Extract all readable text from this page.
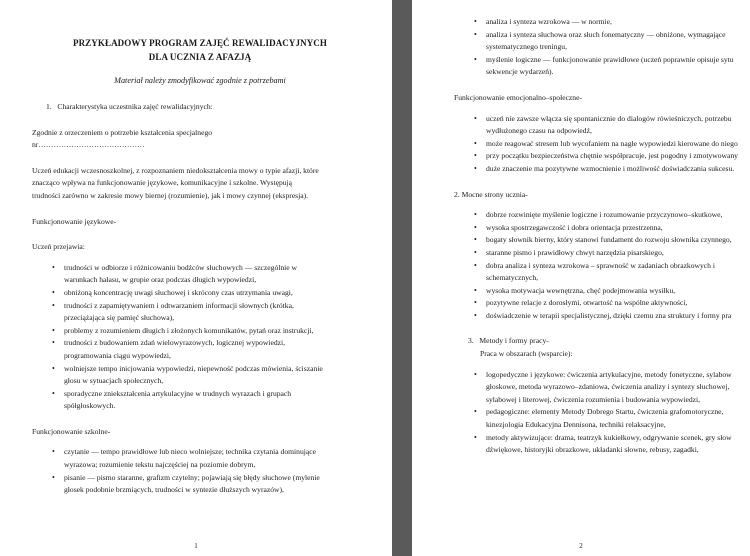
PRZYKŁADOWY PROGRAM ZAJĘĆ REWALIDACYJNYCH
DLA UCZNIA Z AFAZJĄ
Materiał należy zmodyfikować zgodnie z potrzebami

1.   Charakterystyka uczestnika zajęć rewalidacyjnych:

Zgodnie z orzeczeniem o potrzebie kształcenia specjalnego

nr……………………………………

Uczeń edukacji wczesnoszkolnej, z rozpoznaniem niedokształcenia mowy o typie afazji, które

znacząco wpływa na funkcjonowanie językowe, komunikacyjne i szkolne. Występują

trudności zarówno w zakresie mowy biernej (rozumienie), jak i mowy czynnej (ekspresja).

Funkcjonowanie językowe-

Uczeń przejawia:

• trudności w odbiorze i różnicowaniu bodźców słuchowych — szczególnie w
warunkach hałasu, w grupie oraz podczas długich wypowiedzi,
• obniżoną koncentrację uwagi słuchowej i skrócony czas utrzymania uwagi,
• trudności z zapamiętywaniem i odtwarzaniem informacji słownych (krótka,
przeciążająca się pamięć słuchowa),
• problemy z rozumieniem długich i złożonych komunikatów, pytań oraz instrukcji,
• trudności z budowaniem zdań wielowyrazowych, logicznej wypowiedzi,
programowania ciągu wypowiedzi,
• wolniejsze tempo inicjowania wypowiedzi, niepewność podczas mówienia, ściszanie
głosu w sytuacjach społecznych,
• sporadyczne zniekształcenia artykulacyjne w trudnych wyrazach i grupach
spółgłoskowych.

Funkcjonowanie szkolne-

• czytanie — tempo prawidłowe lub nieco wolniejsze; technika czytania dominujące
wyrazowa; rozumienie tekstu najczęściej na poziomie dobrym,
• pisanie — pismo staranne, grafizm czytelny; pojawiają się błędy słuchowe (mylenie
głosek podobnie brzmiących, trudności w syntezie dłuższych wyrazów),
1
• analiza i synteza wzrokowa — w normie,
• analiza i synteza słuchowa oraz słuch fonematyczny — obniżone, wymagające
systematycznego treningu,
• myślenie logiczne — funkcjonowanie prawidłowe (uczeń poprawnie opisuje sytu
sekwencje wydarzeń).

Funkcjonowanie emocjonalno–społeczne-

• uczeń nie zawsze włącza się spontanicznie do dialogów rówieśniczych, potrzebu
wydłużonego czasu na odpowiedź,
• może reagować stresem lub wycofaniem na nagłe wypowiedzi kierowane do niego
• przy początku bezpieczeństwa chętnie współpracuje, jest pogodny i zmotywowany
• duże znaczenie ma pozytywne wzmocnienie i możliwość doświadczania sukcesu.

2. Mocne strony ucznia-

• dobrze rozwinięte myślenie logiczne i rozumowanie przyczynowo–skutkowe,
• wysoka spostrzegawczość i dobra orientacja przestrzenna,
• bogaty słownik bierny, który stanowi fundament do rozwoju słownika czynnego,
• staranne pismo i prawidłowy chwyt narzędzia pisarskiego,
• dobra analiza i synteza wzrokowa – sprawność w zadaniach obrazkowych i
schematycznych,
• wysoka motywacja wewnętrzna, chęć podejmowania wysiłku,
• pozytywne relacje z dorosłymi, otwartość na wspólne aktywności,
• doświadczenie w terapii specjalistycznej, dzięki czemu zna struktury i formy pra

3.   Metody i formy pracy-

Praca w obszarach (wsparcie):

• logopedyczne i językowe: ćwiczenia artykulacyjne, metody fonetyczne, sylabow
głoskowe, metoda wyrazowo–zdaniowa, ćwiczenia analizy i syntezy słuchowej,
sylabowej i literowej, ćwiczenia rozumienia i budowania wypowiedzi,
• pedagogiczne: elementy Metody Dobrego Startu, ćwiczenia grafomotoryczne,
kinezjologia Edukacyjna Dennisona, techniki relaksacyjne,
• metody aktywizujące: drama, teatrzyk kukiełkowy, odgrywanie scenek, gry słow
dźwiękowe, historyjki obrazkowe, układanki słowne, rebusy, zagadki,
2
